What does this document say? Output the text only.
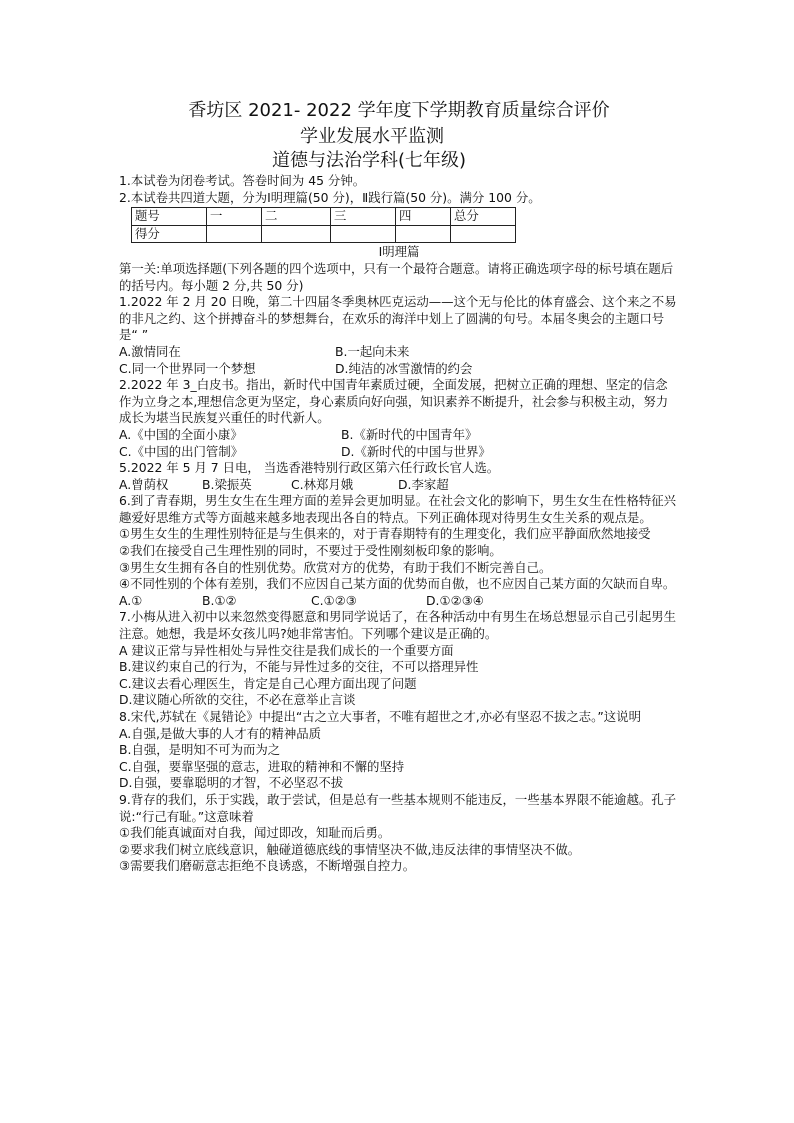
香坊区 2021- 2022 学年度下学期教育质量综合评价
学业发展水平监测
道德与法治学科(七年级)

1.本试卷为闭卷考试。答卷时间为 45 分钟。

2.本试卷共四道大题，分为Ⅰ明理篇(50 分)，Ⅱ践行篇(50 分)。满分 100 分。

题号	一	二	三	四	总分
得分					

Ⅰ明理篇

第一关:单项选择题(下列各题的四个选项中，只有一个最符合题意。请将正确选项字母的标号填在题后的括号内。每小题 2 分,共 50 分)

1.2022 年 2 月 20 日晚，第二十四届冬季奥林匹克运动——这个无与伦比的体育盛会、这个来之不易的非凡之约、这个拼搏奋斗的梦想舞台，在欢乐的海洋中划上了圆满的句号。本届冬奥会的主题口号是“ ”

A.激情同在	B.一起向未来
C.同一个世界同一个梦想	D.纯洁的冰雪激情的约会

2.2022 年 3_白皮书。指出，新时代中国青年素质过硬，全面发展，把树立正确的理想、坚定的信念作为立身之本,理想信念更为坚定，身心素质向好向强，知识素养不断提升，社会参与积极主动，努力成长为堪当民族复兴重任的时代新人。

A.《中国的全面小康》	B.《新时代的中国青年》
C.《中国的出门管制》	D.《新时代的中国与世界》

5.2022 年 5 月 7 日电， 当选香港特别行政区第六任行政长官人选。

A.曾荫权	B.梁振英	C.林郑月娥	D.李家超

6.到了青春期，男生女生在生理方面的差异会更加明显。在社会文化的影响下，男生女生在性格特征兴趣爱好思维方式等方面越来越多地表现出各自的特点。下列正确体现对待男生女生关系的观点是。

①男生女生的生理性别特征是与生俱来的，对于青春期特有的生理变化，我们应平静面欣然地接受

②我们在接受自己生理性别的同时，不要过于受性刚刻板印象的影响。

③男生女生拥有各自的性别优势。欣赏对方的优势，有助于我们不断完善自己。

④不同性别的个体有差别，我们不应因自己某方面的优势而自傲，也不应因自己某方面的欠缺而自卑。

A.①	B.①②	C.①②③	D.①②③④

7.小梅从进入初中以来忽然变得愿意和男同学说话了，在各种活动中有男生在场总想显示自己引起男生注意。她想，我是坏女孩儿吗?她非常害怕。下列哪个建议是正确的。

A 建议正常与异性相处与异性交往是我们成长的一个重要方面

B.建议约束自己的行为，不能与异性过多的交往，不可以搭理异性

C.建议去看心理医生，肯定是自己心理方面出现了问题

D.建议随心所欲的交往，不必在意举止言谈

8.宋代,苏轼在《晁错论》中提出“古之立大事者，不唯有超世之才,亦必有坚忍不拔之志。”这说明

A.自强,是做大事的人才有的精神品质

B.自强，是明知不可为而为之

C.自强，要靠坚强的意志，进取的精神和不懈的坚持

D.自强，要靠聪明的才智，不必坚忍不拔

9.背存的我们，乐于实践，敢于尝试，但是总有一些基本规则不能违反，一些基本界限不能逾越。孔子说:“行己有耻。”这意味着

①我们能真诚面对自我，闻过即改，知耻而后勇。

②要求我们树立底线意识，触碰道德底线的事情坚决不做,违反法律的事情坚决不做。

③需要我们磨砺意志拒绝不良诱惑，不断增强自控力。
